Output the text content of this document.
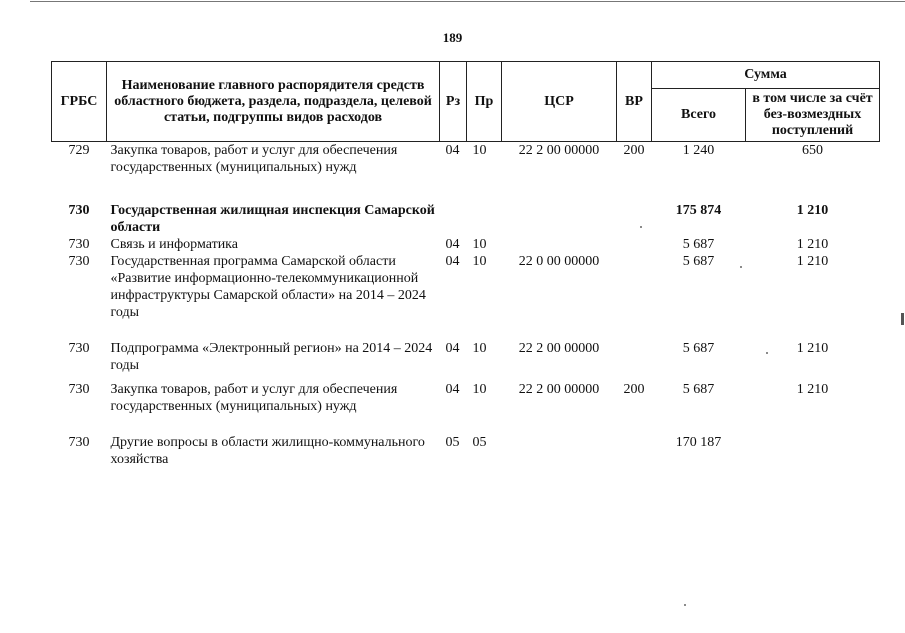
189
ГРБС	Наименование главного распорядителя средств областного бюджета, раздела, подраздела, целевой статьи, подгруппы видов расходов	Рз	Пр	ЦСР	ВР	Сумма	
						Всего	в том числе за счёт без-возмездных поступлений
729	Закупка товаров, работ и услуг для обеспечения государственных (муниципальных) нужд	04	10	22 2 00 00000	200	1 240	650
730	Государственная жилищная инспекция Самарской области					175 874	1 210
730	Связь и информатика	04	10			5 687	1 210
730	Государственная программа Самарской области «Развитие информационно-телекоммуникационной инфраструктуры Самарской области» на 2014 – 2024 годы	04	10	22 0 00 00000		5 687	1 210
730	Подпрограмма «Электронный регион» на 2014 – 2024 годы	04	10	22 2 00 00000		5 687	1 210
730	Закупка товаров, работ и услуг для обеспечения государственных (муниципальных) нужд	04	10	22 2 00 00000	200	5 687	1 210
730	Другие вопросы в области жилищно-коммунального хозяйства	05	05			170 187	
